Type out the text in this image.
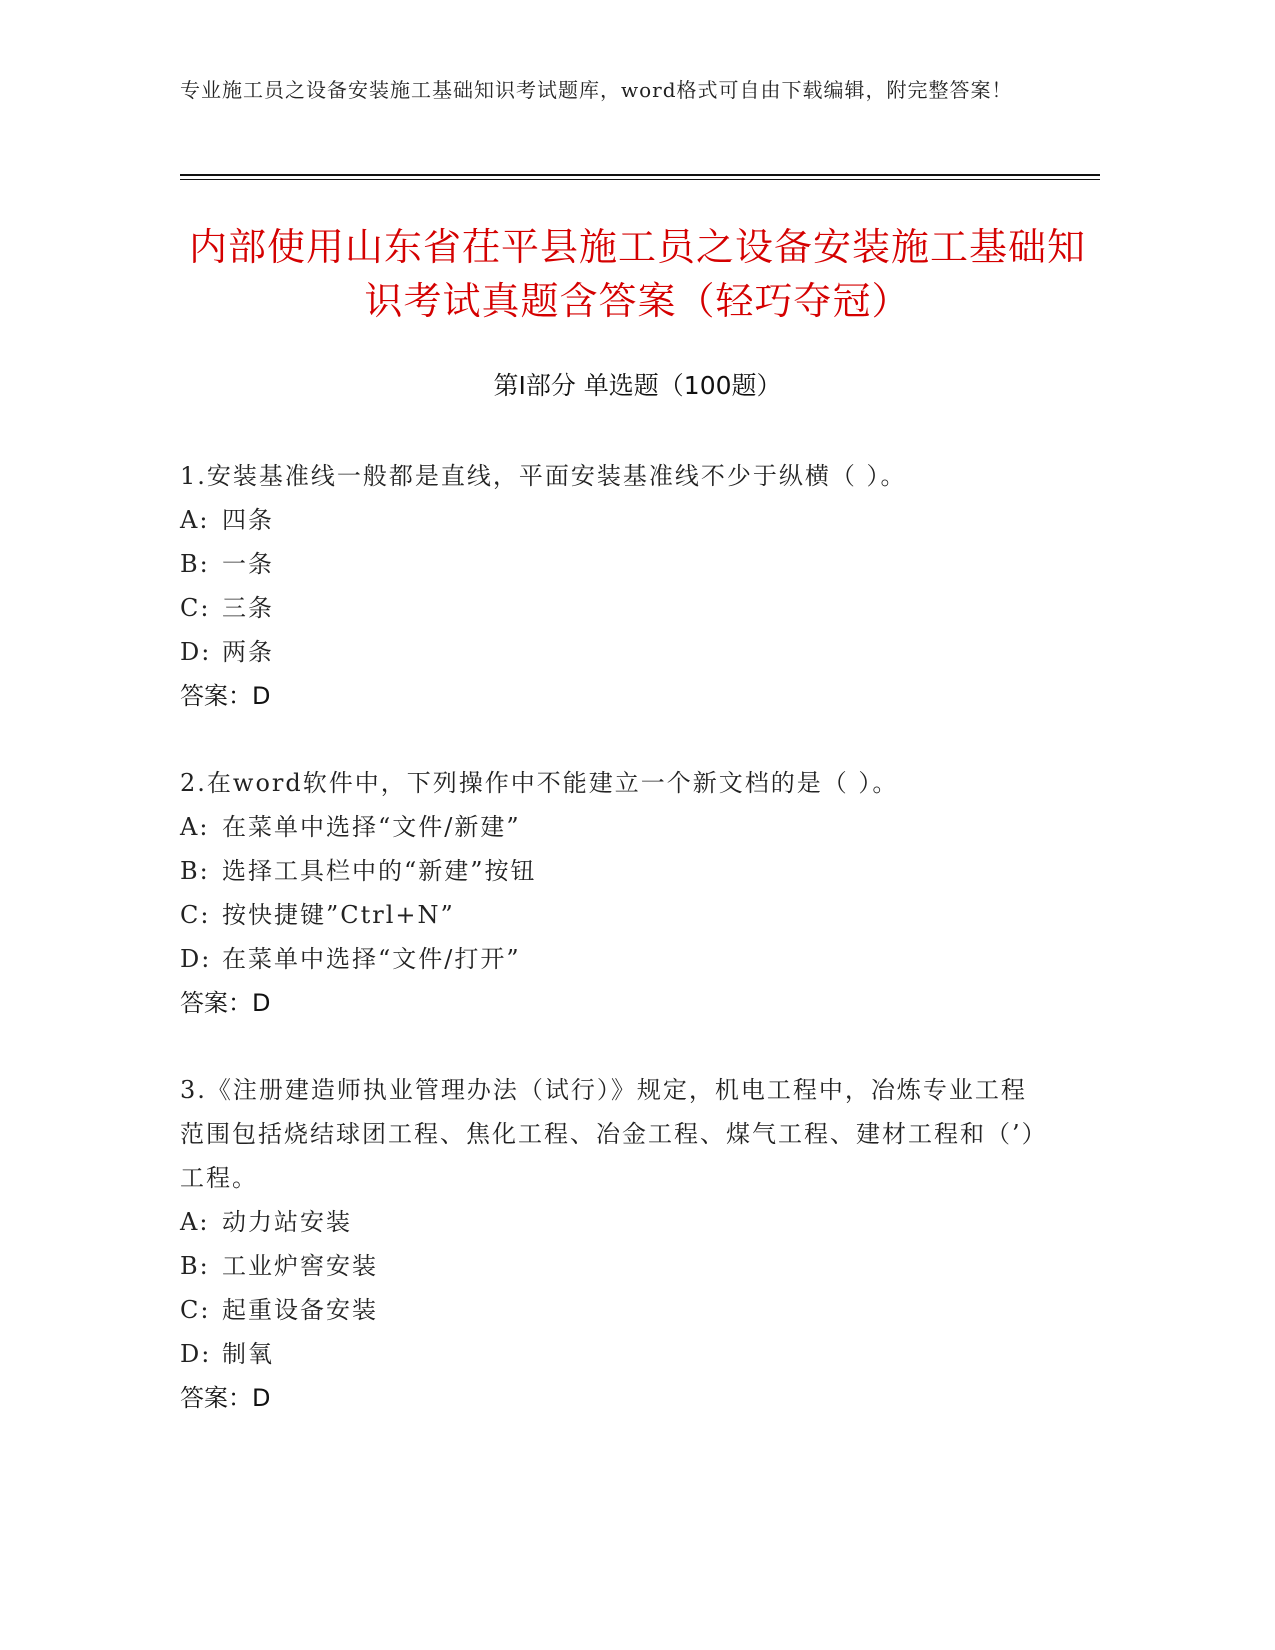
专业施工员之设备安装施工基础知识考试题库，word格式可自由下载编辑，附完整答案！
内部使用山东省茌平县施工员之设备安装施工基础知识考试真题含答案（轻巧夺冠）
第Ⅰ部分 单选题（100题）
1.安装基准线一般都是直线，平面安装基准线不少于纵横（ ）。
A: 四条
B: 一条
C: 三条
D: 两条
答案：D
2.在word软件中，下列操作中不能建立一个新文档的是（ ）。
A: 在菜单中选择“文件/新建”
B: 选择工具栏中的“新建”按钮
C: 按快捷键”Ctrl+N”
D: 在菜单中选择“文件/打开”
答案：D
3.《注册建造师执业管理办法（试行）》规定，机电工程中，冶炼专业工程范围包括烧结球团工程、焦化工程、冶金工程、煤气工程、建材工程和（’）工程。
A: 动力站安装
B: 工业炉窖安装
C: 起重设备安装
D: 制氧
答案：D
